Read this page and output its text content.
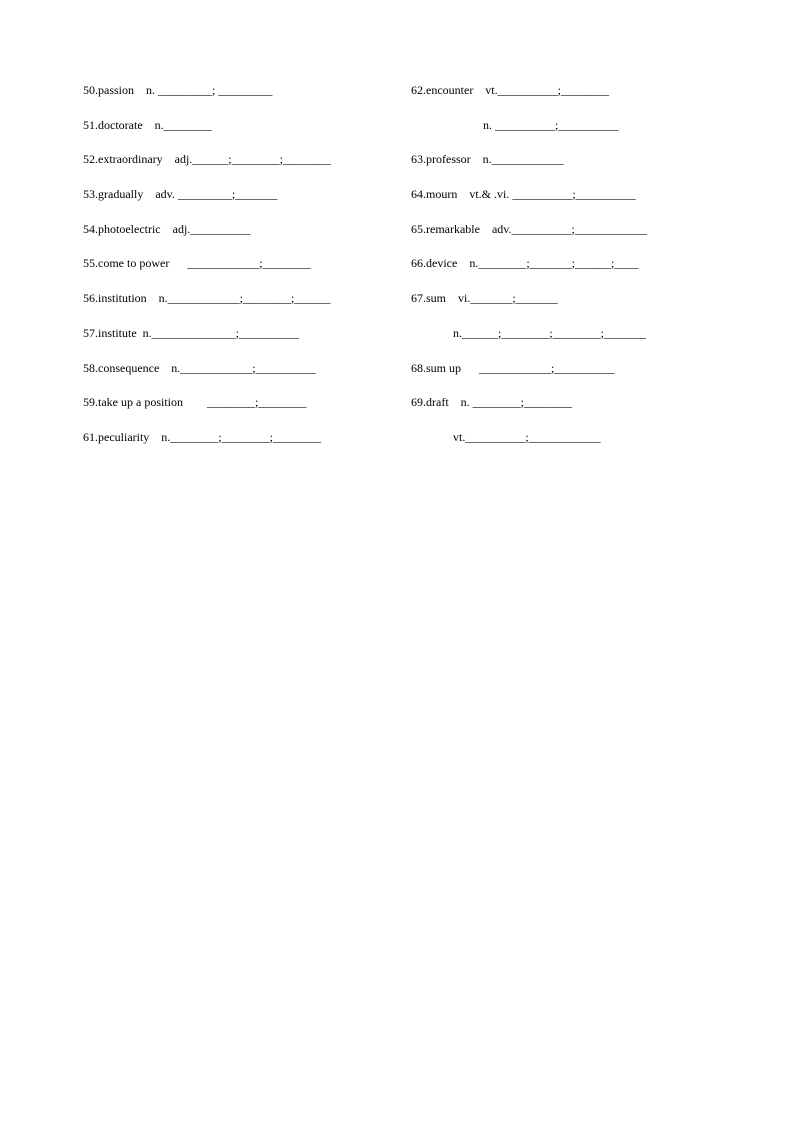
50.passion    n. _________; _________
51.doctorate    n.________
52.extraordinary    adj.______;________;________
53.gradually    adv. _________;_______
54.photoelectric    adj.__________
55.come to power      ____________;________
56.institution    n.____________;________;______
57.institute  n.______________;__________
58.consequence    n.____________;__________
59.take up a position        ________;________
61.peculiarity    n.________;________;________
62.encounter    vt.__________;________
n. __________;__________
63.professor    n.____________
64.mourn    vt.& .vi. __________;__________
65.remarkable    adv.__________;____________
66.device    n.________;_______;______;____
67.sum    vi._______;_______
n.______;________;________;_______
68.sum up      ____________;__________
69.draft    n. ________;________
vt.__________;____________
